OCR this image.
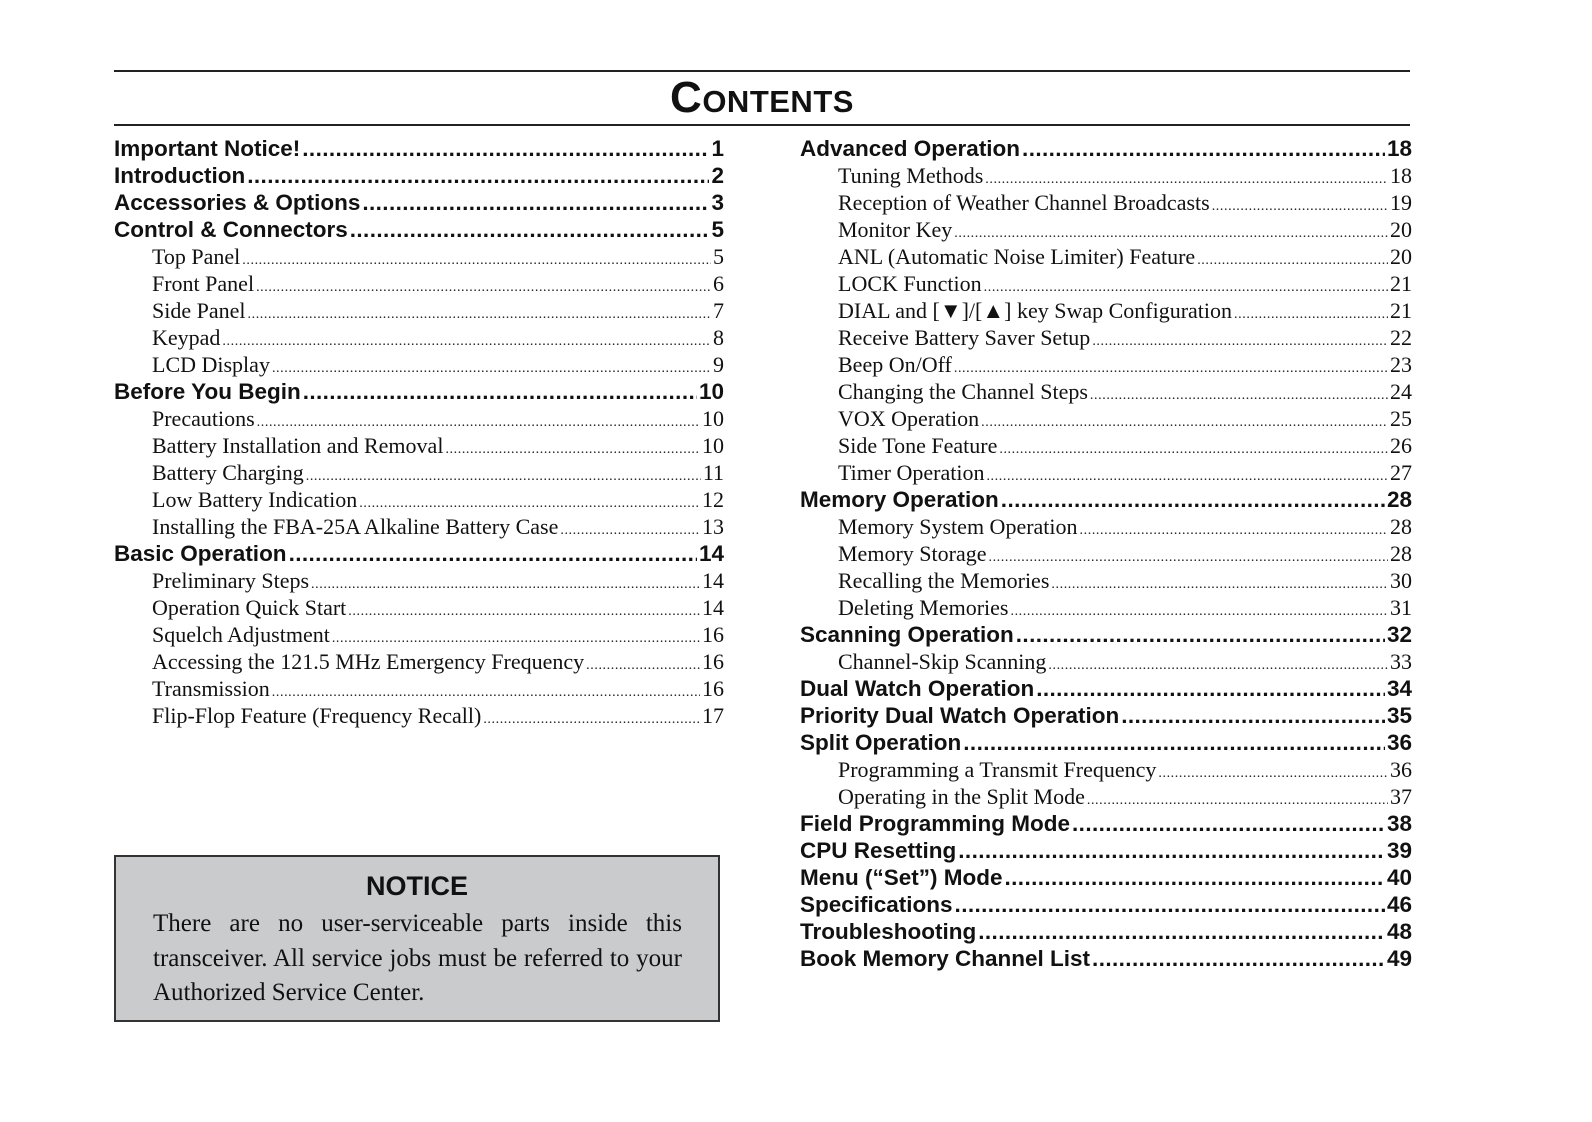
Contents
Important Notice! .....	1
Introduction .....	2
Accessories & Options .....	3
Control & Connectors .....	5
Top Panel .....	5
Front Panel .....	6
Side Panel .....	7
Keypad .....	8
LCD Display .....	9
Before You Begin .....	10
Precautions .....	10
Battery Installation and Removal .....	10
Battery Charging .....	11
Low Battery Indication .....	12
Installing the FBA-25A Alkaline Battery Case .....	13
Basic Operation .....	14
Preliminary Steps .....	14
Operation Quick Start .....	14
Squelch Adjustment .....	16
Accessing the 121.5 MHz Emergency Frequency .....	16
Transmission .....	16
Flip-Flop Feature (Frequency Recall) .....	17
Advanced Operation .....	18
Tuning Methods .....	18
Reception of Weather Channel Broadcasts .....	19
Monitor Key .....	20
ANL (Automatic Noise Limiter) Feature .....	20
LOCK Function .....	21
DIAL and [▼]/[▲] key Swap Configuration .....	21
Receive Battery Saver Setup .....	22
Beep On/Off .....	23
Changing the Channel Steps .....	24
VOX Operation .....	25
Side Tone Feature .....	26
Timer Operation .....	27
Memory Operation .....	28
Memory System Operation .....	28
Memory Storage .....	28
Recalling the Memories .....	30
Deleting Memories .....	31
Scanning Operation .....	32
Channel-Skip Scanning .....	33
Dual Watch Operation .....	34
Priority Dual Watch Operation .....	35
Split Operation .....	36
Programming a Transmit Frequency .....	36
Operating in the Split Mode .....	37
Field Programming Mode .....	38
CPU Resetting .....	39
Menu (“Set”) Mode .....	40
Specifications .....	46
Troubleshooting .....	48
Book Memory Channel List .....	49
NOTICE
There are no user-serviceable parts inside this transceiver. All service jobs must be referred to your Authorized Service Center.
